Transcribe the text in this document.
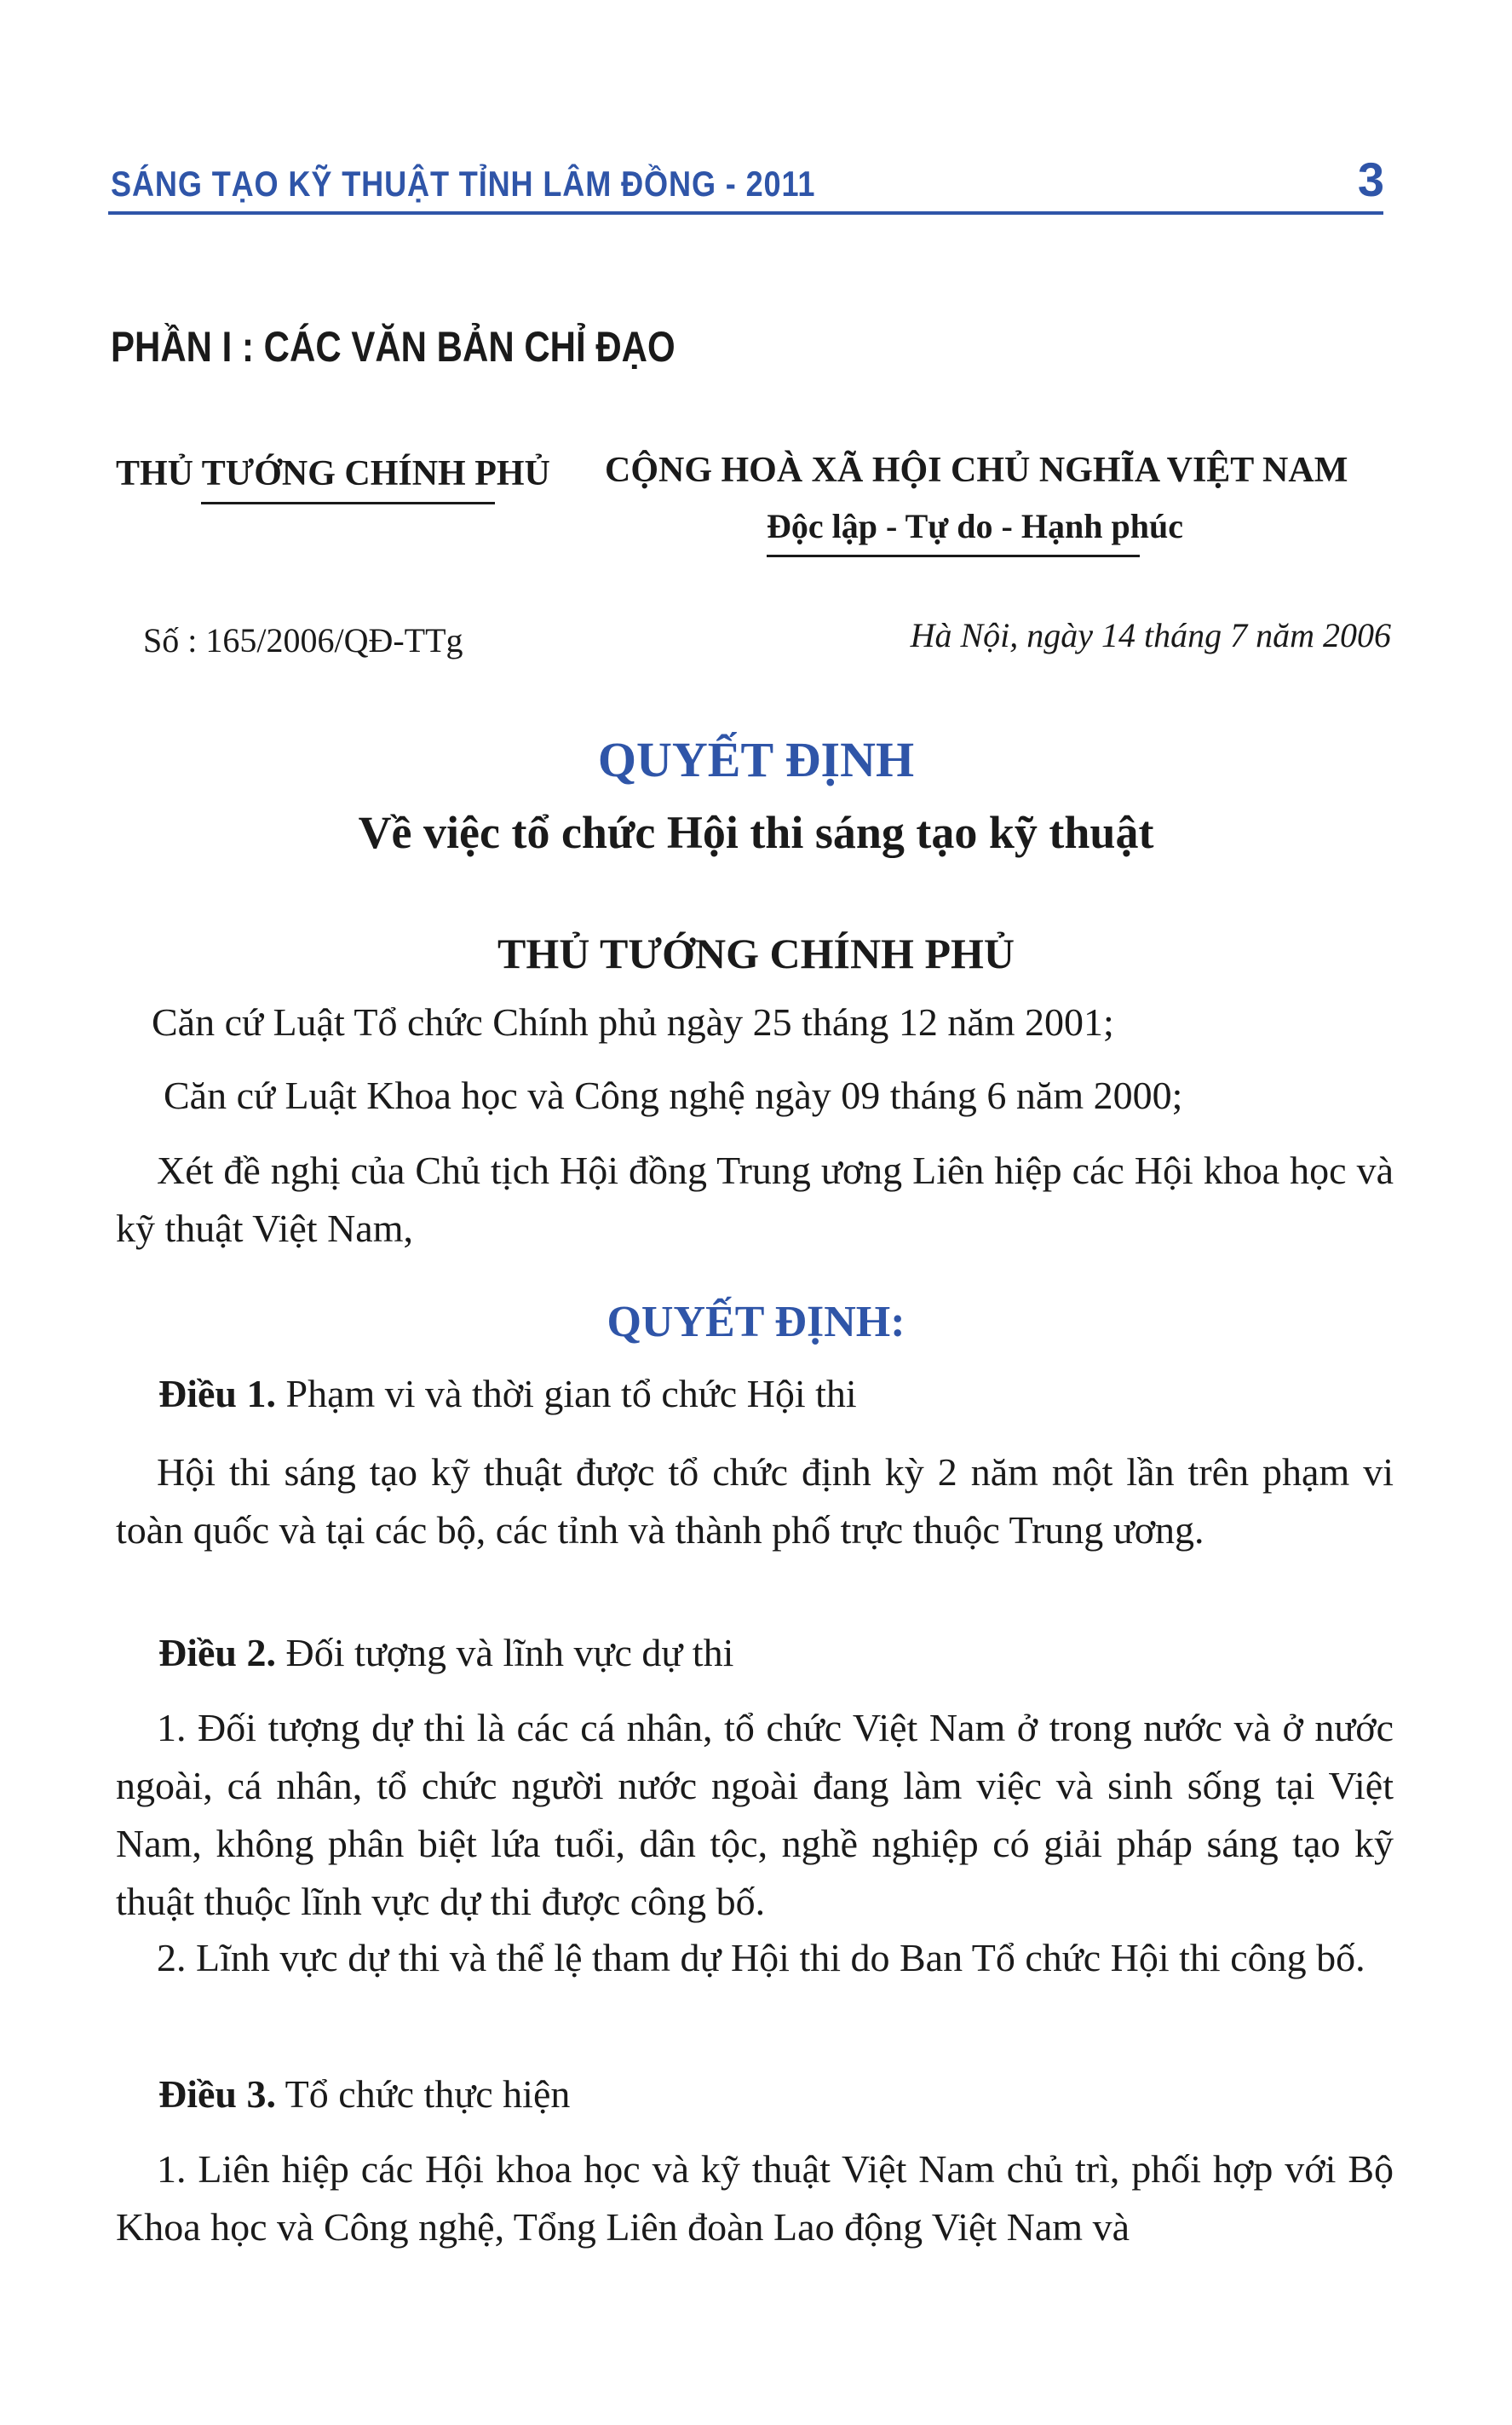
SÁNG TẠO KỸ THUẬT TỈNH LÂM ĐỒNG - 2011	3
PHẦN I : CÁC VĂN BẢN CHỈ ĐẠO
THỦ TƯỚNG CHÍNH PHỦ CỘNG HOÀ XÃ HỘI CHỦ NGHĨA VIỆT NAM
Độc lập - Tự do - Hạnh phúc
Số : 165/2006/QĐ-TTg	Hà Nội, ngày 14 tháng 7 năm 2006
QUYẾT ĐỊNH
Về việc tổ chức Hội thi sáng tạo kỹ thuật
THỦ TƯỚNG CHÍNH PHỦ
Căn cứ Luật Tổ chức Chính phủ ngày 25 tháng 12 năm 2001;
Căn cứ Luật Khoa học và Công nghệ ngày 09 tháng 6 năm 2000;
Xét đề nghị của Chủ tịch Hội đồng Trung ương Liên hiệp các Hội khoa học và kỹ thuật Việt Nam,
QUYẾT ĐỊNH:
Điều 1. Phạm vi và thời gian tổ chức Hội thi
Hội thi sáng tạo kỹ thuật được tổ chức định kỳ 2 năm một lần trên phạm vi toàn quốc và tại các bộ, các tỉnh và thành phố trực thuộc Trung ương.
Điều 2. Đối tượng và lĩnh vực dự thi
1. Đối tượng dự thi là các cá nhân, tổ chức Việt Nam ở trong nước và ở nước ngoài, cá nhân, tổ chức người nước ngoài đang làm việc và sinh sống tại Việt Nam, không phân biệt lứa tuổi, dân tộc, nghề nghiệp có giải pháp sáng tạo kỹ thuật thuộc lĩnh vực dự thi được công bố.
2. Lĩnh vực dự thi và thể lệ tham dự Hội thi do Ban Tổ chức Hội thi công bố.
Điều 3. Tổ chức thực hiện
1. Liên hiệp các Hội khoa học và kỹ thuật Việt Nam chủ trì, phối hợp với Bộ Khoa học và Công nghệ, Tổng Liên đoàn Lao động Việt Nam và
